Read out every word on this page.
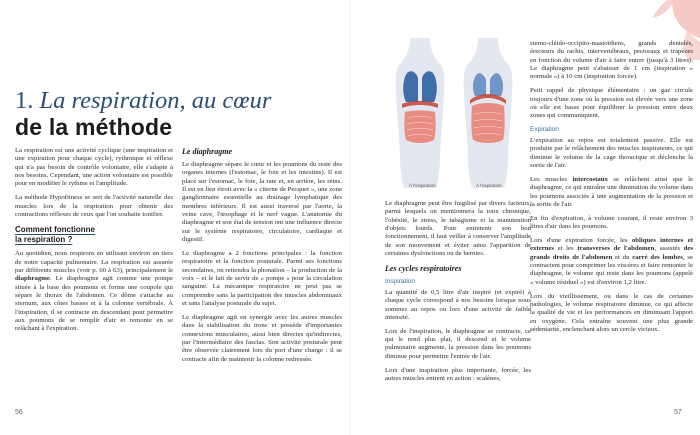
1. La respiration, au cœur
de la méthode

La respiration est une activité cyclique (une inspiration et une expiration pour chaque cycle), rythmique et réflexe qui n'a pas besoin de contrôle volontaire, elle s'adapte à nos besoins. Cependant, une action volontaire est possible pour en modifier le rythme et l'amplitude.

La méthode Hypofitness se sert de l'activité naturelle des muscles lors de la respiration pour obtenir des contractions réflexes de ceux que l'on souhaite tonifier.

Comment fonctionne
la respiration ?

Au quotidien, nous respirons en utilisant environ un tiers de notre capacité pulmonaire. La respiration est assurée par différents muscles (voir p. 60 à 63), principalement le diaphragme. Le diaphragme agit comme une pompe située à la base des poumons et forme une coupole qui sépare le thorax de l'abdomen. Ce dôme s'attache au sternum, aux côtes basses et à la colonne vertébrale. À l'inspiration, il se contracte en descendant pour permettre aux poumons de se remplir d'air et remonte en se relâchant à l'expiration.

Le diaphragme

Le diaphragme sépare le cœur et les poumons du reste des organes internes (l'estomac, le foie et les intestins). Il est placé sur l'estomac, le foie, la rate et, en arrière, les reins. Il est en lien étroit avec la « citerne de Pecquet », une zone ganglionnaire essentielle au drainage lymphatique des membres inférieurs. Il est aussi traversé par l'aorte, la veine cave, l'œsophage et le nerf vague. L'anatomie du diaphragme et son état de tension ont une influence directe sur le système respiratoire, circulatoire, cardiaque et digestif.

Le diaphragme a 2 fonctions principales : la fonction respiratoire et la fonction posturale. Parmi ses fonctions secondaires, on retiendra la phonation – la production de la voix – et le fait de servir de « pompe » pour la circulation sanguine. La mécanique respiratoire ne peut pas se comprendre sans la participation des muscles abdominaux et sans l'analyse posturale du sujet.

Le diaphragme agit en synergie avec les autres muscles dans la stabilisation du tronc et possède d'importantes connexions musculaires, aussi bien directes qu'indirectes, par l'intermédiaire des fascias. Son activité posturale peut être observée clairement lors du port d'une charge : il se contracte afin de maintenir la colonne redressée.

56
À l'inspiration	À l'expiration

Le diaphragme peut être fragilisé par divers facteurs, parmi lesquels on mentionnera la toux chronique, l'obésité, le stress, le tabagisme et la manutention d'objets lourds. Pour entretenir son bon fonctionnement, il faut veiller à conserver l'amplitude de son mouvement et éviter ainsi l'apparition de certaines dysfonctions ou de hernies.

Les cycles respiratoires
Inspiration

La quantité de 0,5 litre d'air inspiré (et expiré) à chaque cycle correspond à nos besoins lorsque nous sommes au repos ou lors d'une activité de faible intensité.

Lors de l'inspiration, le diaphragme se contracte, ce qui le rend plus plat, il descend et le volume pulmonaire augmente, la pression dans les poumons diminue pour permettre l'entrée de l'air.

Lors d'une inspiration plus importante, forcée, les autres muscles entrent en action : scalènes,

sterno-cléido-occipito-mastoïdiens, grands dentelés, érecteurs du rachis, intervertébraux, pectoraux et trapèzes en fonction du volume d'air à faire entrer (jusqu'à 3 litres). Le diaphragme peut s'abaisser de 1 cm (inspiration « normale ») à 10 cm (inspiration forcée).

Petit rappel de physique élémentaire : un gaz circule toujours d'une zone où la pression est élevée vers une zone où elle est basse pour équilibrer la pression entre deux zones qui communiquent.

Expiration

L'expiration au repos est totalement passive. Elle est produite par le relâchement des muscles inspirateurs, ce qui diminue le volume de la cage thoracique et déclenche la sortie de l'air.

Les muscles intercostaux se relâchent ainsi que le diaphragme, ce qui entraîne une diminution du volume dans les poumons associée à une augmentation de la pression et la sortie de l'air.

En fin d'expiration, à volume courant, il reste environ 3 litres d'air dans les poumons.

Lors d'une expiration forcée, les obliques internes et externes et les transverses de l'abdomen, assistés des grands droits de l'abdomen et du carré des lombes, se contractent pour comprimer les viscères et faire remonter le diaphragme, le volume qui reste dans les poumons (appelé « volume résiduel ») est d'environ 1,2 litre.

Lors du vieillissement, ou dans le cas de certaines pathologies, le volume respiratoire diminue, ce qui affecte la qualité de vie et les performances en diminuant l'apport en oxygène. Cela entraîne souvent une plus grande sédentarité, enclenchant alors un cercle vicieux.

57
